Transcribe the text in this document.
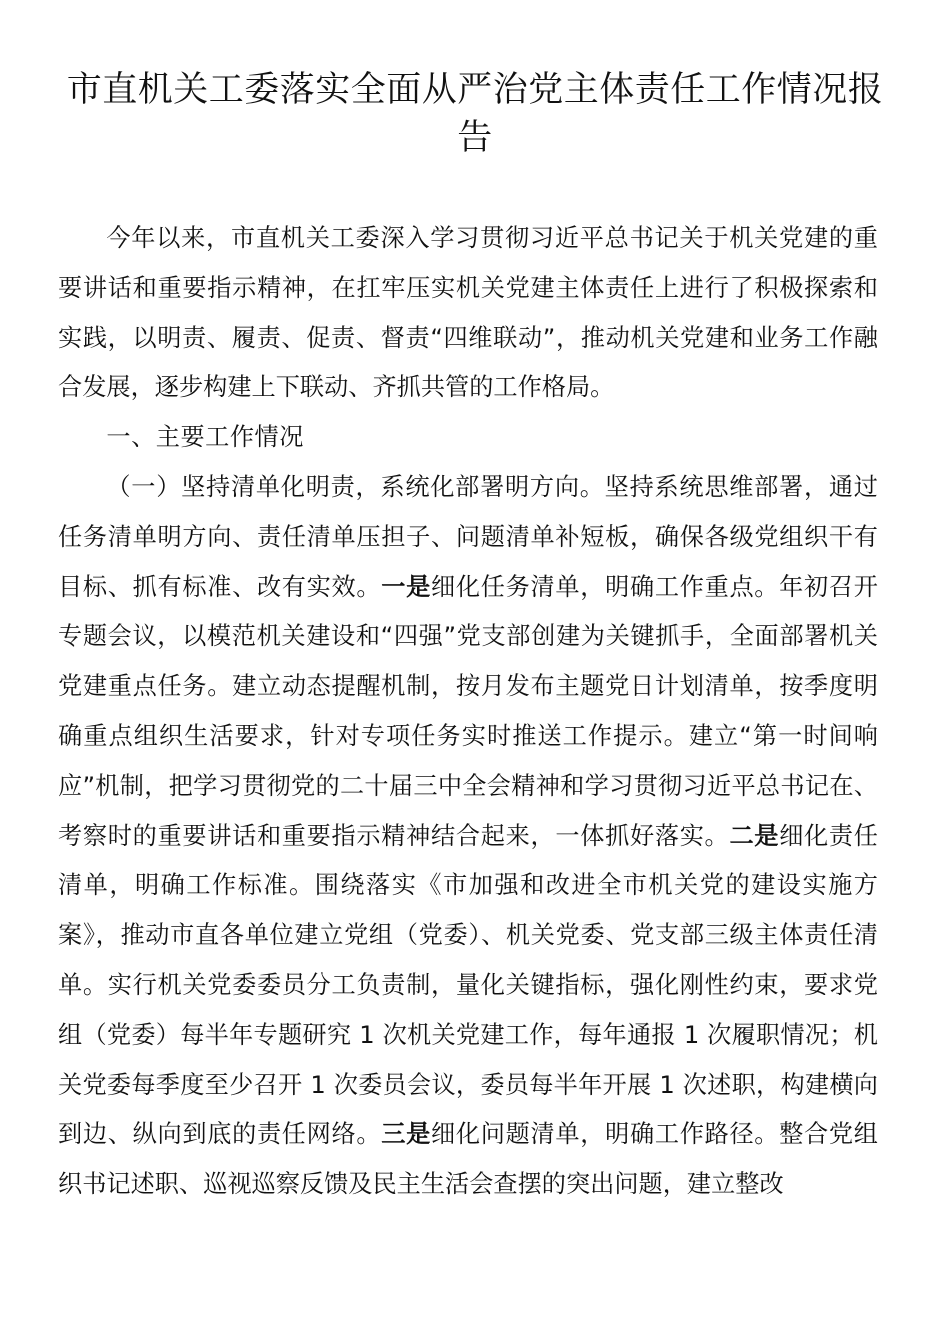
市直机关工委落实全面从严治党主体责任工作情况报告

今年以来，市直机关工委深入学习贯彻习近平总书记关于机关党建的重要讲话和重要指示精神，在扛牢压实机关党建主体责任上进行了积极探索和实践，以明责、履责、促责、督责“四维联动”，推动机关党建和业务工作融合发展，逐步构建上下联动、齐抓共管的工作格局。

一、主要工作情况

（一）坚持清单化明责，系统化部署明方向。坚持系统思维部署，通过任务清单明方向、责任清单压担子、问题清单补短板，确保各级党组织干有目标、抓有标准、改有实效。一是细化任务清单，明确工作重点。年初召开专题会议，以模范机关建设和“四强”党支部创建为关键抓手，全面部署机关党建重点任务。建立动态提醒机制，按月发布主题党日计划清单，按季度明确重点组织生活要求，针对专项任务实时推送工作提示。建立“第一时间响应”机制，把学习贯彻党的二十届三中全会精神和学习贯彻习近平总书记在、考察时的重要讲话和重要指示精神结合起来，一体抓好落实。二是细化责任清单，明确工作标准。围绕落实《市加强和改进全市机关党的建设实施方案》，推动市直各单位建立党组（党委）、机关党委、党支部三级主体责任清单。实行机关党委委员分工负责制，量化关键指标，强化刚性约束，要求党组（党委）每半年专题研究 1 次机关党建工作，每年通报 1 次履职情况；机关党委每季度至少召开 1 次委员会议，委员每半年开展 1 次述职，构建横向到边、纵向到底的责任网络。三是细化问题清单，明确工作路径。整合党组织书记述职、巡视巡察反馈及民主生活会查摆的突出问题，建立整改
